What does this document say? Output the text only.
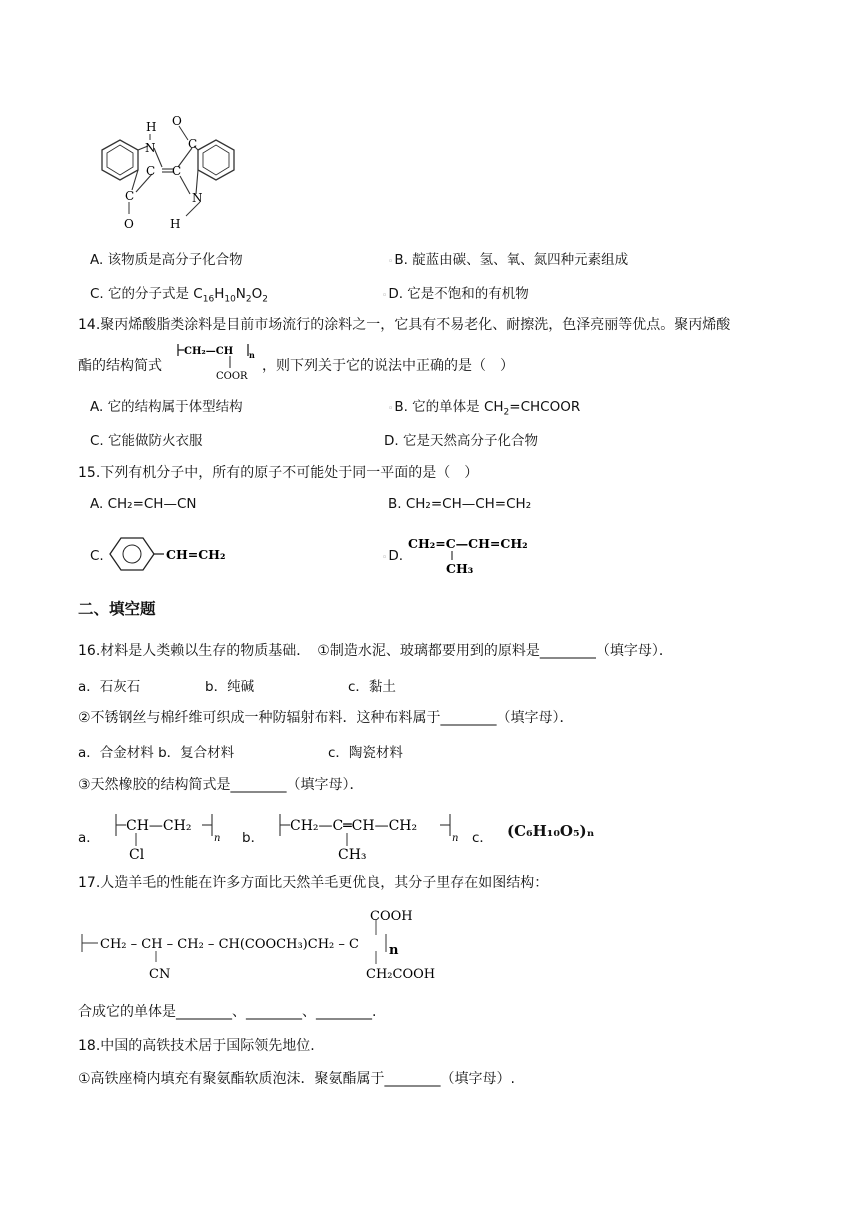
H O
N	C
C C
C	N
O	H
A. 该物质是高分子化合物	◦B. 靛蓝由碳、氢、氧、氮四种元素组成
C. 它的分子式是 $C_{16}H_{10}N_2O_2$	◦D. 它是不饱和的有机物
14.聚丙烯酸脂类涂料是目前市场流行的涂料之一，它具有不易老化、耐擦洗，色泽亮丽等优点。聚丙烯酸
酯的结构简式
CH₂—CH n
COOR
，则下列关于它的说法中正确的是（　）
A. 它的结构属于体型结构	◦B. 它的单体是 $CH_2=CHCOOR$
C. 它能做防火衣服	D. 它是天然高分子化合物
15.下列有机分子中，所有的原子不可能处于同一平面的是（　）
A. CH₂=CH—CN	B. CH₂=CH—CH=CH₂
C.	CH=CH₂	◦D.
CH₂=C—CH=CH₂
CH₃
二、填空题
16.材料是人类赖以生存的物质基础．　①制造水泥、玻璃都要用到的原料是________（填字母）．
a．石灰石	b．纯碱	c．黏土
②不锈钢丝与棉纤维可织成一种防辐射布料．这种布料属于________（填字母）．
a．合金材料 b．复合材料	c．陶瓷材料
③天然橡胶的结构简式是________（填字母）．
a．
CH—CH₂
n
Cl
b．
CH₂—C═CH—CH₂
n
CH₃
c． (C₆H₁₀O₅)ₙ
17.人造羊毛的性能在许多方面比天然羊毛更优良，其分子里存在如图结构：
CH₂ – CH – CH₂ – CH(COOCH₃)CH₂ – C
COOH
n
CN	CH₂COOH
合成它的单体是________、________、________.
18.中国的高铁技术居于国际领先地位.
①高铁座椅内填充有聚氨酯软质泡沫．聚氨酯属于________（填字母）.
